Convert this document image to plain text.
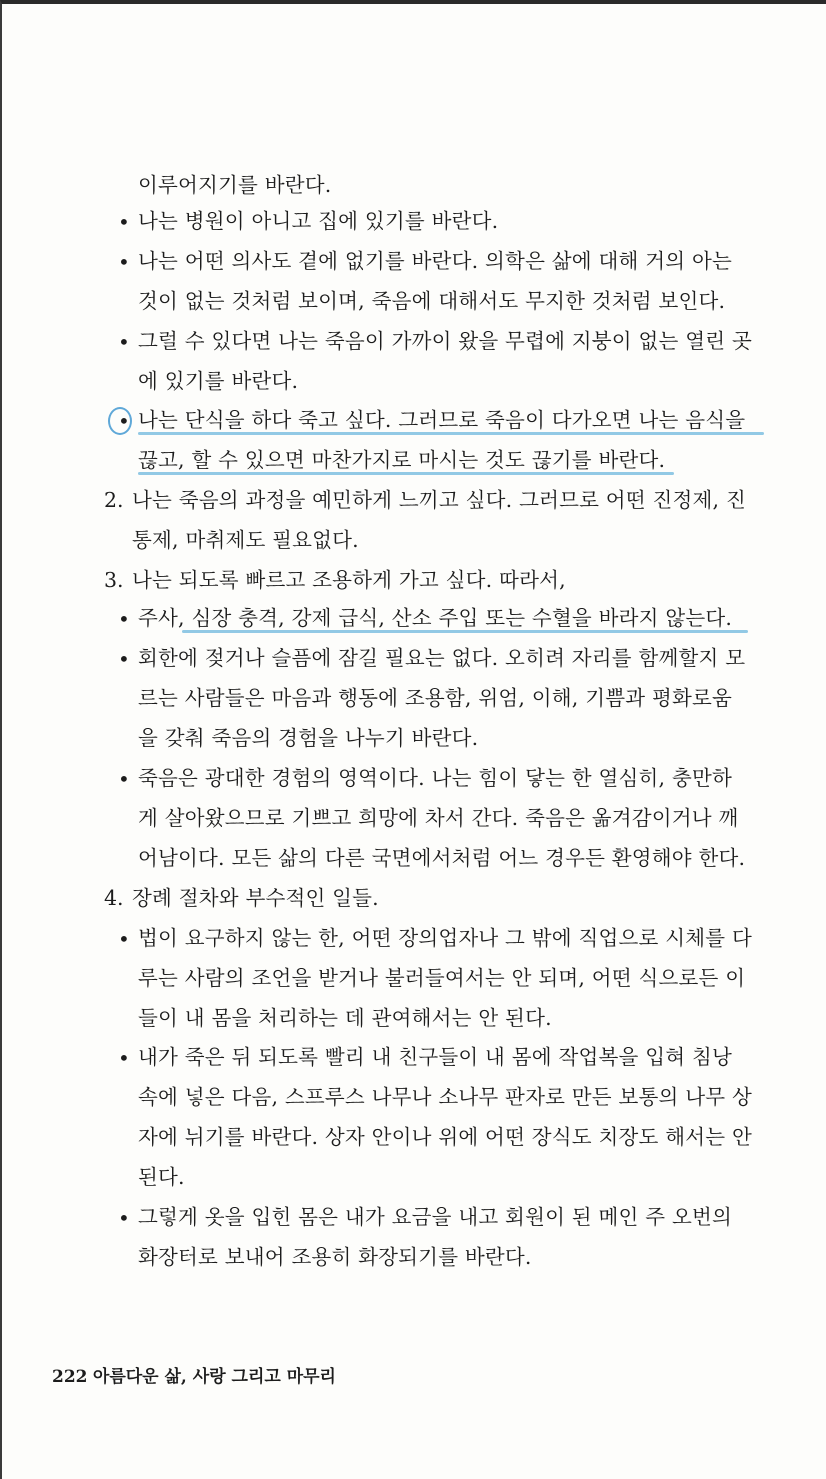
이루어지기를 바란다.
• 나는 병원이 아니고 집에 있기를 바란다.
• 나는 어떤 의사도 곁에 없기를 바란다. 의학은 삶에 대해 거의 아는
것이 없는 것처럼 보이며, 죽음에 대해서도 무지한 것처럼 보인다.
• 그럴 수 있다면 나는 죽음이 가까이 왔을 무렵에 지붕이 없는 열린 곳
에 있기를 바란다.
• 나는 단식을 하다 죽고 싶다. 그러므로 죽음이 다가오면 나는 음식을
끊고, 할 수 있으면 마찬가지로 마시는 것도 끊기를 바란다.
2. 나는 죽음의 과정을 예민하게 느끼고 싶다. 그러므로 어떤 진정제, 진
통제, 마취제도 필요없다.
3. 나는 되도록 빠르고 조용하게 가고 싶다. 따라서,
• 주사, 심장 충격, 강제 급식, 산소 주입 또는 수혈을 바라지 않는다.
• 회한에 젖거나 슬픔에 잠길 필요는 없다. 오히려 자리를 함께할지 모
르는 사람들은 마음과 행동에 조용함, 위엄, 이해, 기쁨과 평화로움
을 갖춰 죽음의 경험을 나누기 바란다.
• 죽음은 광대한 경험의 영역이다. 나는 힘이 닿는 한 열심히, 충만하
게 살아왔으므로 기쁘고 희망에 차서 간다. 죽음은 옮겨감이거나 깨
어남이다. 모든 삶의 다른 국면에서처럼 어느 경우든 환영해야 한다.
4. 장례 절차와 부수적인 일들.
• 법이 요구하지 않는 한, 어떤 장의업자나 그 밖에 직업으로 시체를 다
루는 사람의 조언을 받거나 불러들여서는 안 되며, 어떤 식으로든 이
들이 내 몸을 처리하는 데 관여해서는 안 된다.
• 내가 죽은 뒤 되도록 빨리 내 친구들이 내 몸에 작업복을 입혀 침낭
속에 넣은 다음, 스프루스 나무나 소나무 판자로 만든 보통의 나무 상
자에 뉘기를 바란다. 상자 안이나 위에 어떤 장식도 치장도 해서는 안
된다.
• 그렇게 옷을 입힌 몸은 내가 요금을 내고 회원이 된 메인 주 오번의
화장터로 보내어 조용히 화장되기를 바란다.
222 아름다운 삶, 사랑 그리고 마무리
